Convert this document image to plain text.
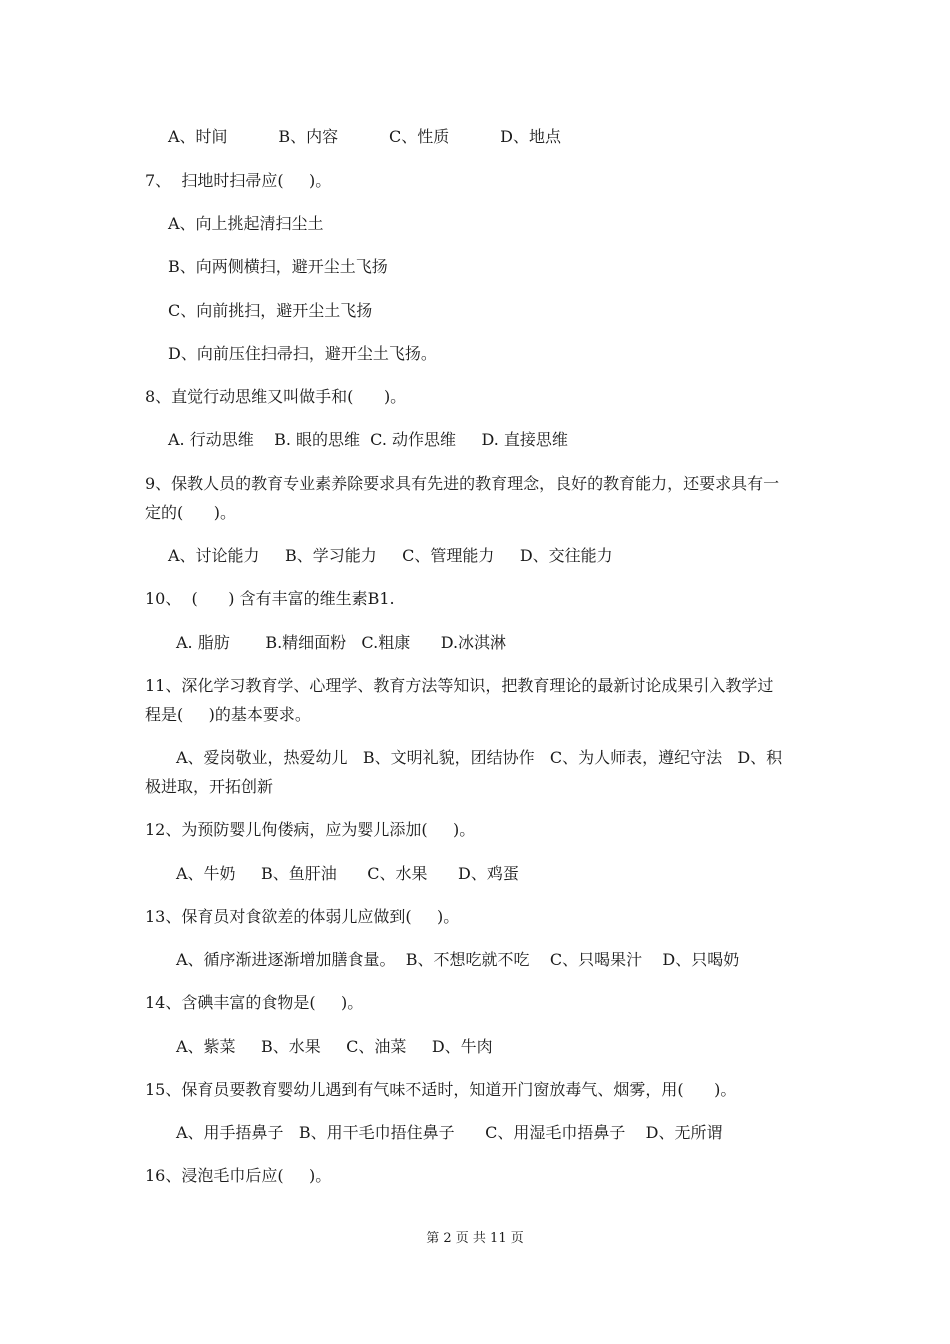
A、时间          B、内容          C、性质          D、地点
7、  扫地时扫帚应(     )。
A、向上挑起清扫尘土
B、向两侧横扫，避开尘土飞扬
C、向前挑扫，避开尘土飞扬
D、向前压住扫帚扫，避开尘土飞扬。
8、直觉行动思维又叫做手和(      )。
A. 行动思维    B. 眼的思维  C. 动作思维     D. 直接思维
9、保教人员的教育专业素养除要求具有先进的教育理念，良好的教育能力，还要求具有一
定的(      )。
A、讨论能力     B、学习能力     C、管理能力     D、交往能力
10、  (      ) 含有丰富的维生素B1.
A. 脂肪       B.精细面粉   C.粗康      D.冰淇淋
11、深化学习教育学、心理学、教育方法等知识，把教育理论的最新讨论成果引入教学过
程是(     )的基本要求。
A、爱岗敬业，热爱幼儿   B、文明礼貌，团结协作   C、为人师表，遵纪守法   D、积
极进取，开拓创新
12、为预防婴儿佝偻病，应为婴儿添加(     )。
A、牛奶     B、鱼肝油      C、水果      D、鸡蛋
13、保育员对食欲差的体弱儿应做到(     )。
A、循序渐进逐渐增加膳食量。  B、不想吃就不吃    C、只喝果汁    D、只喝奶
14、含碘丰富的食物是(     )。
A、紫菜     B、水果     C、油菜     D、牛肉
15、保育员要教育婴幼儿遇到有气味不适时，知道开门窗放毒气、烟雾，用(      )。
A、用手捂鼻子   B、用干毛巾捂住鼻子      C、用湿毛巾捂鼻子    D、无所谓
16、浸泡毛巾后应(     )。
第 2 页 共 11 页
